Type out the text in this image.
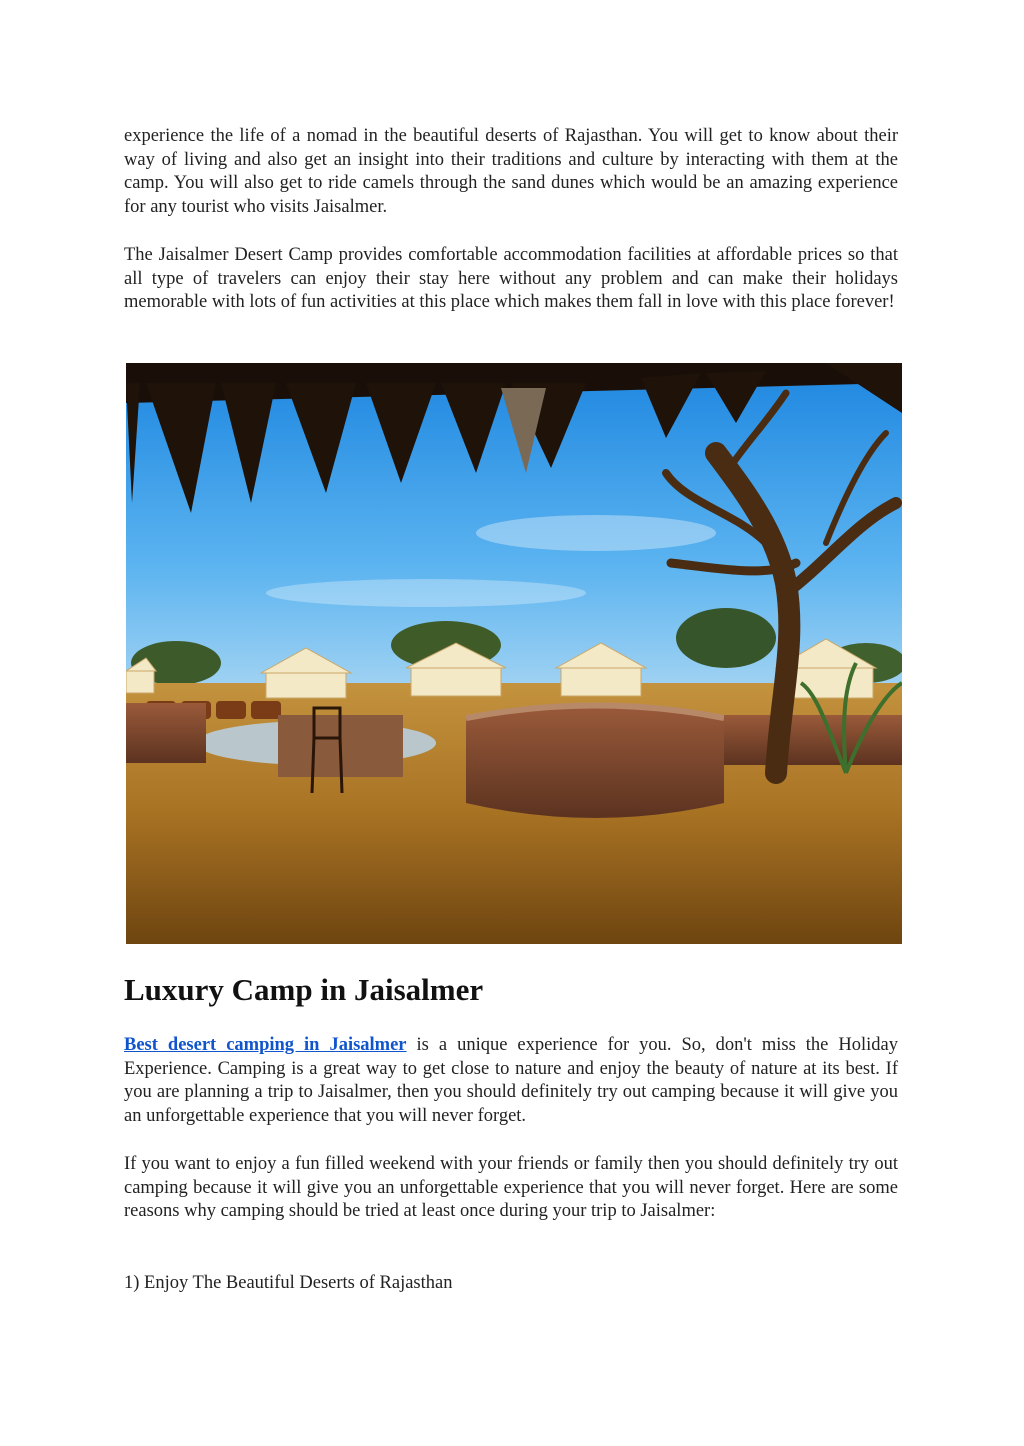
experience the life of a nomad in the beautiful deserts of Rajasthan. You will get to know about their way of living and also get an insight into their traditions and culture by interacting with them at the camp. You will also get to ride camels through the sand dunes which would be an amazing experience for any tourist who visits Jaisalmer.

The Jaisalmer Desert Camp provides comfortable accommodation facilities at affordable prices so that all type of travelers can enjoy their stay here without any problem and can make their holidays memorable with lots of fun activities at this place which makes them fall in love with this place forever!

Luxury Camp in Jaisalmer

Best desert camping in Jaisalmer is a unique experience for you. So, don't miss the Holiday Experience. Camping is a great way to get close to nature and enjoy the beauty of nature at its best. If you are planning a trip to Jaisalmer, then you should definitely try out camping because it will give you an unforgettable experience that you will never forget.

If you want to enjoy a fun filled weekend with your friends or family then you should definitely try out camping because it will give you an unforgettable experience that you will never forget. Here are some reasons why camping should be tried at least once during your trip to Jaisalmer:

1) Enjoy The Beautiful Deserts of Rajasthan
